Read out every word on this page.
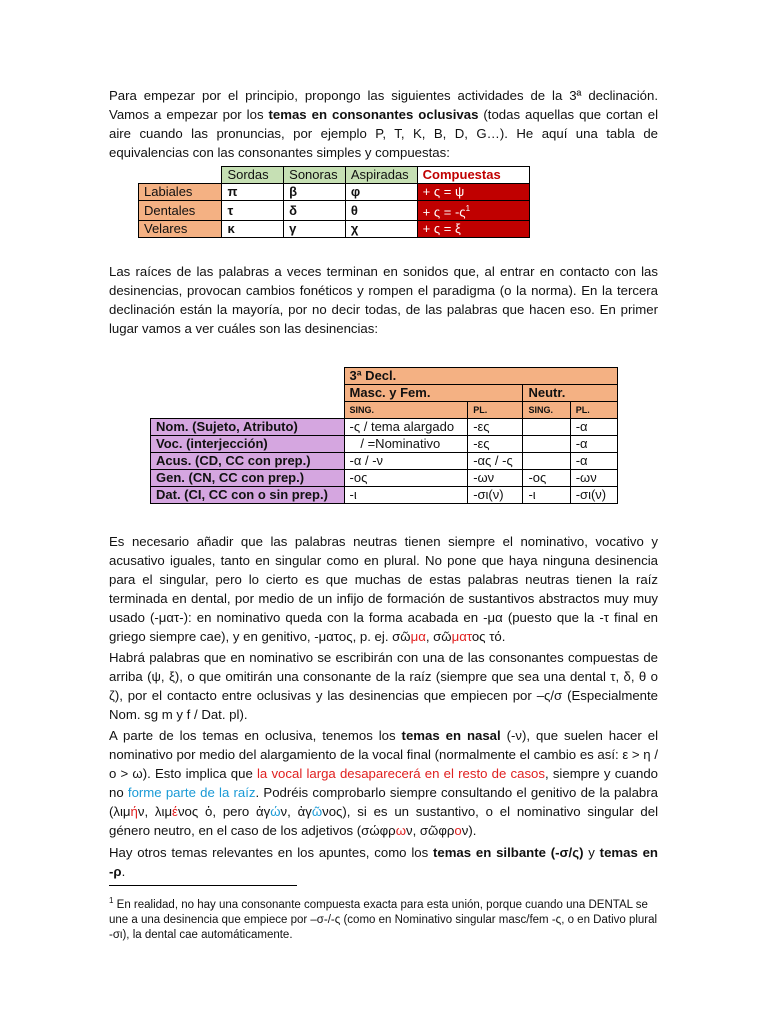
Para empezar por el principio, propongo las siguientes actividades de la 3ª declinación. Vamos a empezar por los temas en consonantes oclusivas (todas aquellas que cortan el aire cuando las pronuncias, por ejemplo P, T, K, B, D, G…). He aquí una tabla de equivalencias con las consonantes simples y compuestas:

	Sordas	Sonoras	Aspiradas	Compuestas
Labiales	π	β	φ	+ ς = ψ
Dentales	τ	δ	θ	+ $\varsigma = -\varsigma^1$
Velares	κ	γ	χ	+ ς = ξ

Las raíces de las palabras a veces terminan en sonidos que, al entrar en contacto con las desinencias, provocan cambios fonéticos y rompen el paradigma (o la norma). En la tercera declinación están la mayoría, por no decir todas, de las palabras que hacen eso. En primer lugar vamos a ver cuáles son las desinencias:

	3ª Decl.			
	Masc. y Fem.		Neutr.	
	SING.	PL.	SING.	PL.
Nom. (Sujeto, Atributo)	-ς / tema alargado	-ες		-α
Voc. (interjección)	/ =Nominativo	-ες		-α
Acus. (CD, CC con prep.)	-α / -ν	-ας / -ς		-α
Gen. (CN, CC con prep.)	-ος	-ων	-ος	-ων
Dat. (CI, CC con o sin prep.)	-ι	-σι(ν)	-ι	-σι(ν)

Es necesario añadir que las palabras neutras tienen siempre el nominativo, vocativo y acusativo iguales, tanto en singular como en plural. No pone que haya ninguna desinencia para el singular, pero lo cierto es que muchas de estas palabras neutras tienen la raíz terminada en dental, por medio de un infijo de formación de sustantivos abstractos muy muy usado (-ματ-): en nominativo queda con la forma acabada en -μα (puesto que la -τ final en griego siempre cae), y en genitivo, -ματος, p. ej. σῶμα, σῶματος τό.

Habrá palabras que en nominativo se escribirán con una de las consonantes compuestas de arriba (ψ, ξ), o que omitirán una consonante de la raíz (siempre que sea una dental τ, δ, θ o ζ), por el contacto entre oclusivas y las desinencias que empiecen por –ς/σ (Especialmente Nom. sg m y f / Dat. pl).

A parte de los temas en oclusiva, tenemos los temas en nasal (-ν), que suelen hacer el nominativo por medio del alargamiento de la vocal final (normalmente el cambio es así: ε > η / ο > ω). Esto implica que la vocal larga desaparecerá en el resto de casos, siempre y cuando no forme parte de la raíz. Podréis comprobarlo siempre consultando el genitivo de la palabra (λιμήν, λιμένος ὁ, pero ἀγών, ἀγῶνος), si es un sustantivo, o el nominativo singular del género neutro, en el caso de los adjetivos (σώφρων, σῶφρον).

Hay otros temas relevantes en los apuntes, como los temas en silbante (-σ/ς) y temas en -ρ.

$^1$ En realidad, no hay una consonante compuesta exacta para esta unión, porque cuando una DENTAL se une a una desinencia que empiece por –σ-/-ς (como en Nominativo singular masc/fem -ς, o en Dativo plural -σι), la dental cae automáticamente.
